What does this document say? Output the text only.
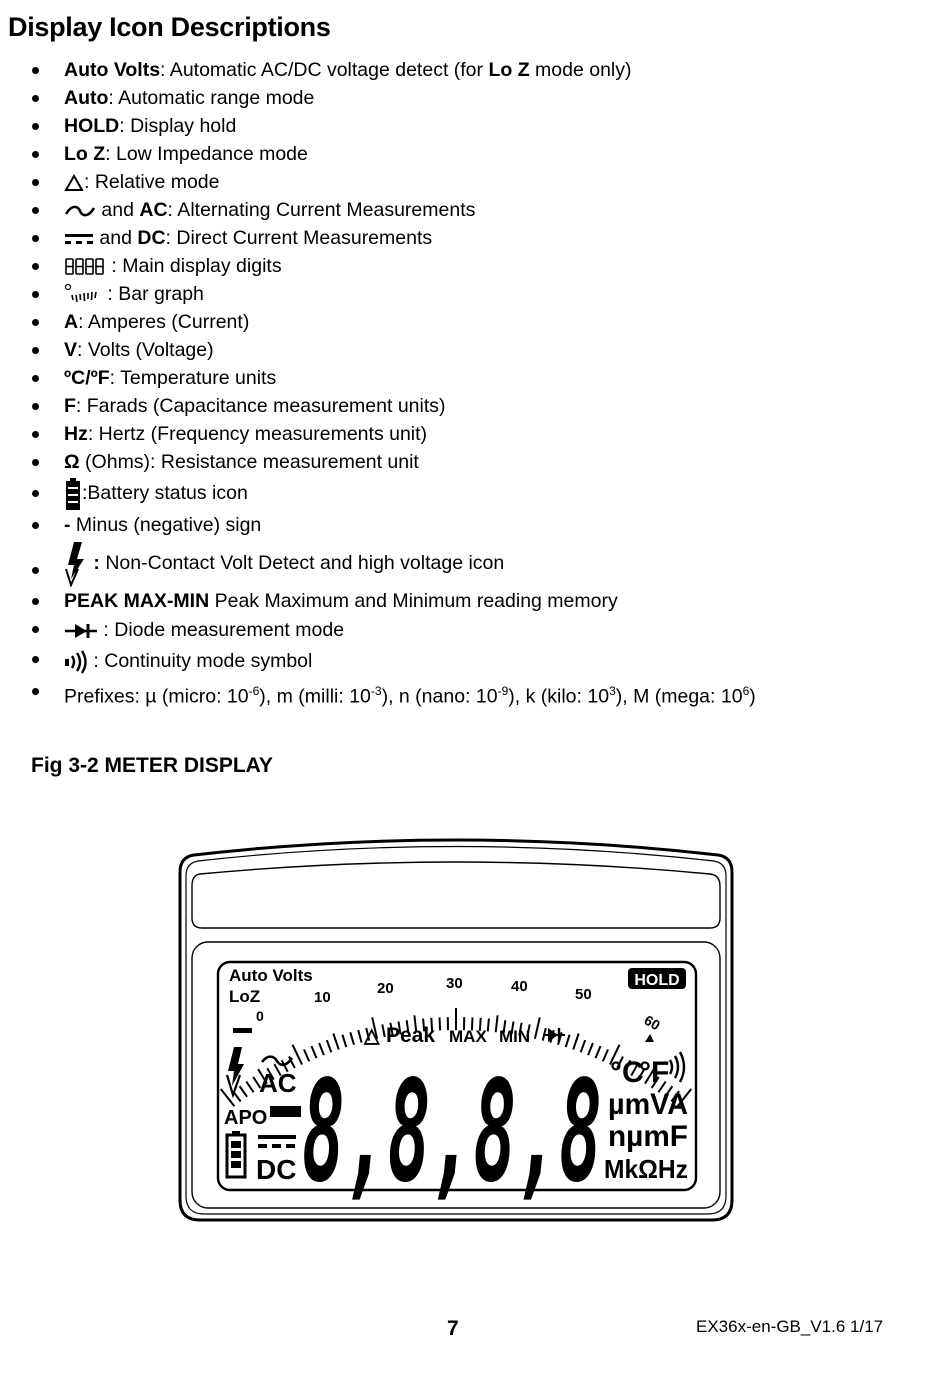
Display Icon Descriptions
Auto Volts: Automatic AC/DC voltage detect (for Lo Z mode only)
Auto: Automatic range mode
HOLD: Display hold
Lo Z: Low Impedance mode
: Relative mode
and AC: Alternating Current Measurements
and DC: Direct Current Measurements
: Main display digits
: Bar graph
A: Amperes (Current)
V: Volts (Voltage)
ºC/ºF: Temperature units
F: Farads (Capacitance measurement units)
Hz: Hertz (Frequency measurements unit)
Ω (Ohms): Resistance measurement unit
:Battery status icon
- Minus (negative) sign
: Non-Contact Volt Detect and high voltage icon
PEAK MAX-MIN Peak Maximum and Minimum reading memory
: Diode measurement mode
: Continuity mode symbol
Prefixes: µ (micro: $10^{-6}$), m (milli: $10^{-3}$), n (nano: $10^{-9}$), k (kilo: $10^3$), M (mega: $10^6$)
Fig 3-2 METER DISPLAY
Auto Volts
LoZ
HOLD
0
10
20	30	40	50
60
△ Peak MAX MIN
AC
APO
DC 8,8,8,8 °C
°F
µmVA
nµmF
MkΩHz
7	EX36x-en-GB_V1.6 1/17
